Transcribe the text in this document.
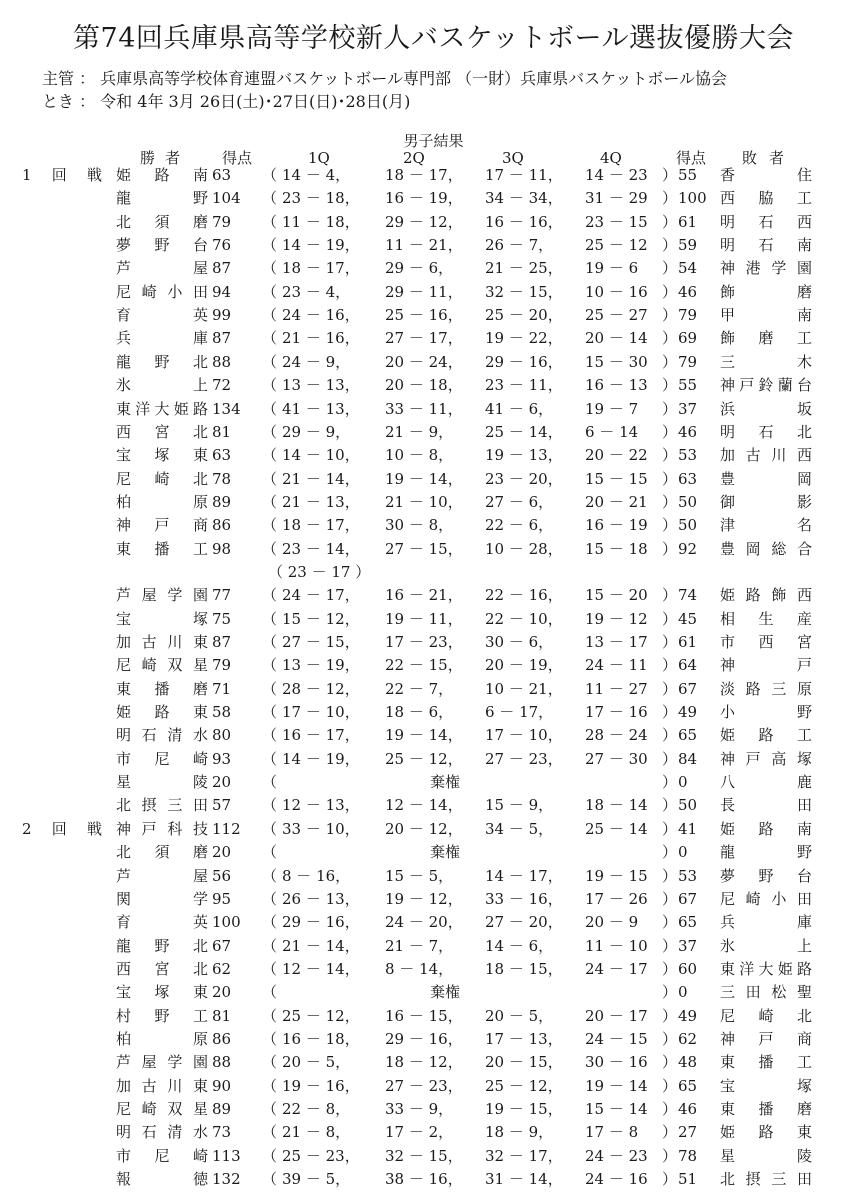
第74回兵庫県高等学校新人バスケットボール選抜優勝大会
主管 ： 兵庫県高等学校体育連盟バスケットボール専門部 （一財）兵庫県バスケットボール協会
とき ： 令和 4年 3月 26日(土)･27日(日)･28日(月)
男子結果
勝者 得点	1Q	2Q	3Q	4Q	得点 敗者
1回戦 姫路南 63	（ 14 － 4，	18 － 17，	17 － 11，	14 － 23 ） 55	香住
龍野 104	（ 23 － 18，	16 － 19，	34 － 34，	31 － 29 ） 100 西脇工
北須磨 79	（ 11 － 18，	29 － 12，	16 － 16，	23 － 15 ） 61	明石西
夢野台 76	（ 14 － 19，	11 － 21，	26 － 7，	25 － 12 ） 59	明石南
芦屋 87	（ 18 － 17，	29 － 6，	21 － 25，	19 － 6	） 54	神港学園
尼崎小田 94	（ 23 － 4，	29 － 11，	32 － 15，	10 － 16 ） 46	飾磨
育英 99	（ 24 － 16，	25 － 16，	25 － 20，	25 － 27 ） 79	甲南
兵庫 87	（ 21 － 16，	27 － 17，	19 － 22，	20 － 14 ） 69	飾磨工
龍野北 88	（ 24 － 9，	20 － 24，	29 － 16，	15 － 30 ） 79	三木
氷上 72	（ 13 － 13，	20 － 18，	23 － 11，	16 － 13 ） 55	神戸鈴蘭台
東洋大姫路 134	（ 41 － 13，	33 － 11，	41 － 6，	19 － 7	） 37	浜坂
西宮北 81	（ 29 － 9，	21 － 9，	25 － 14，	6 － 14	） 46	明石北
宝塚東 63	（ 14 － 10，	10 － 8，	19 － 13，	20 － 22 ） 53	加古川西
尼崎北 78	（ 21 － 14，	19 － 14，	23 － 20，	15 － 15 ） 63	豊岡
柏原 89	（ 21 － 13，	21 － 10，	27 － 6，	20 － 21 ） 50	御影
神戸商 86	（ 18 － 17，	30 － 8，	22 － 6，	16 － 19 ） 50	津名
東播工 98	（ 23 － 14，	27 － 15，	10 － 28，	15 － 18 ） 92	豊岡総合
（ 23 － 17 ）
芦屋学園 77	（ 24 － 17，	16 － 21，	22 － 16，	15 － 20 ） 74	姫路飾西
宝塚 75	（ 15 － 12，	19 － 11，	22 － 10，	19 － 12 ） 45	相生産
加古川東 87	（ 27 － 15，	17 － 23，	30 － 6，	13 － 17 ） 61	市西宮
尼崎双星 79	（ 13 － 19，	22 － 15，	20 － 19，	24 － 11 ） 64	神戸
東播磨 71	（ 28 － 12，	22 － 7，	10 － 21，	11 － 27 ） 67	淡路三原
姫路東 58	（ 17 － 10，	18 － 6，	6 － 17，	17 － 16 ） 49	小野
明石清水 80	（ 16 － 17，	19 － 14，	17 － 10，	28 － 24 ） 65	姫路工
市尼崎 93	（ 14 － 19，	25 － 12，	27 － 23，	27 － 30 ） 84	神戸高塚
星陵 20	（	棄権	） 0	八鹿
北摂三田 57	（ 12 － 13，	12 － 14，	15 － 9，	18 － 14 ） 50	長田
2回戦 神戸科技 112	（ 33 － 10，	20 － 12，	34 － 5，	25 － 14 ） 41	姫路南
北須磨 20	（	棄権	） 0	龍野
芦屋 56	（ 8 － 16，	15 － 5，	14 － 17，	19 － 15 ） 53	夢野台
関学 95	（ 26 － 13，	19 － 12，	33 － 16，	17 － 26 ） 67	尼崎小田
育英 100	（ 29 － 16，	24 － 20，	27 － 20，	20 － 9	） 65	兵庫
龍野北 67	（ 21 － 14，	21 － 7，	14 － 6，	11 － 10 ） 37	氷上
西宮北 62	（ 12 － 14，	8 － 14，	18 － 15，	24 － 17 ） 60	東洋大姫路
宝塚東 20	（	棄権	） 0	三田松聖
村野工 81	（ 25 － 12，	16 － 15，	20 － 5，	20 － 17 ） 49	尼崎北
柏原 86	（ 16 － 18，	29 － 16，	17 － 13，	24 － 15 ） 62	神戸商
芦屋学園 88	（ 20 － 5，	18 － 12，	20 － 15，	30 － 16 ） 48	東播工
加古川東 90	（ 19 － 16，	27 － 23，	25 － 12，	19 － 14 ） 65	宝塚
尼崎双星 89	（ 22 － 8，	33 － 9，	19 － 15，	15 － 14 ） 46	東播磨
明石清水 73	（ 21 － 8，	17 － 2，	18 － 9，	17 － 8	） 27	姫路東
市尼崎 113	（ 25 － 23，	32 － 15，	32 － 17，	24 － 23 ） 78	星陵
報徳 132	（ 39 － 5，	38 － 16，	31 － 14，	24 － 16 ） 51	北摂三田
